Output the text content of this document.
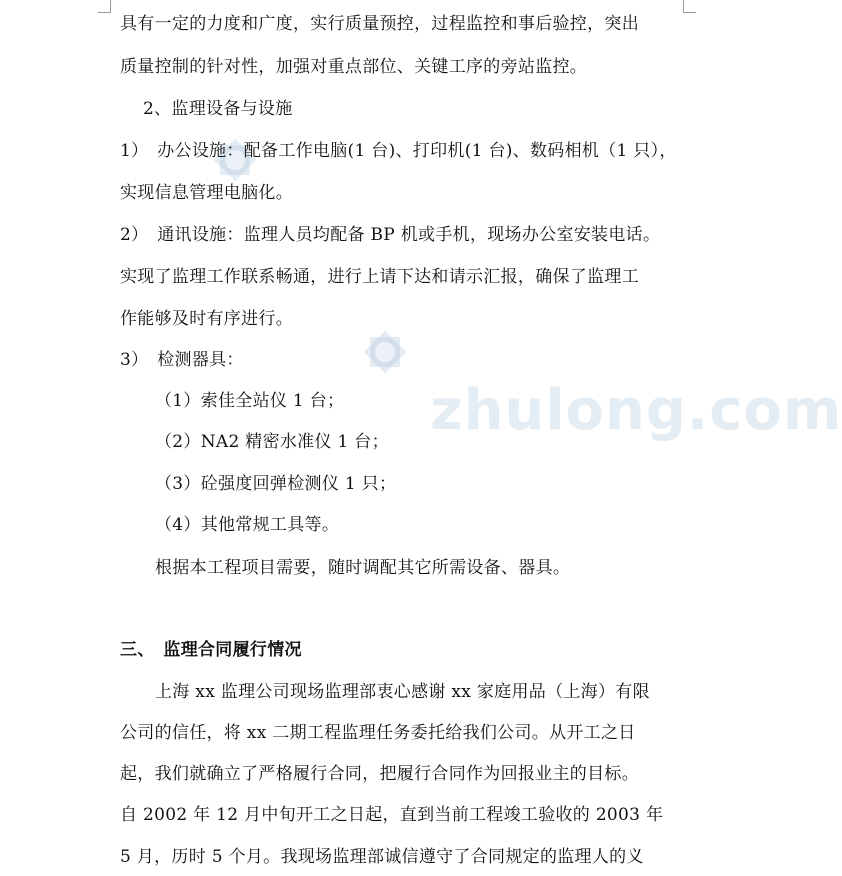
zhulong.com
具有一定的力度和广度，实行质量预控，过程监控和事后验控，突出
质量控制的针对性，加强对重点部位、关键工序的旁站监控。
2、监理设备与设施
1）　办公设施：配备工作电脑(1 台)、打印机(1 台)、数码相机（1 只），
实现信息管理电脑化。
2）　通讯设施：监理人员均配备 BP 机或手机，现场办公室安装电话。
实现了监理工作联系畅通，进行上请下达和请示汇报，确保了监理工
作能够及时有序进行。
3）　检测器具：
（1）索佳全站仪 1 台；
（2）NA2 精密水准仪 1 台；
（3）砼强度回弹检测仪 1 只；
（4）其他常规工具等。
根据本工程项目需要，随时调配其它所需设备、器具。
三、　监理合同履行情况
上海 xx 监理公司现场监理部衷心感谢 xx 家庭用品（上海）有限
公司的信任，将 xx 二期工程监理任务委托给我们公司。从开工之日
起，我们就确立了严格履行合同，把履行合同作为回报业主的目标。
自 2002 年 12 月中旬开工之日起，直到当前工程竣工验收的 2003 年
5 月，历时 5 个月。我现场监理部诚信遵守了合同规定的监理人的义
